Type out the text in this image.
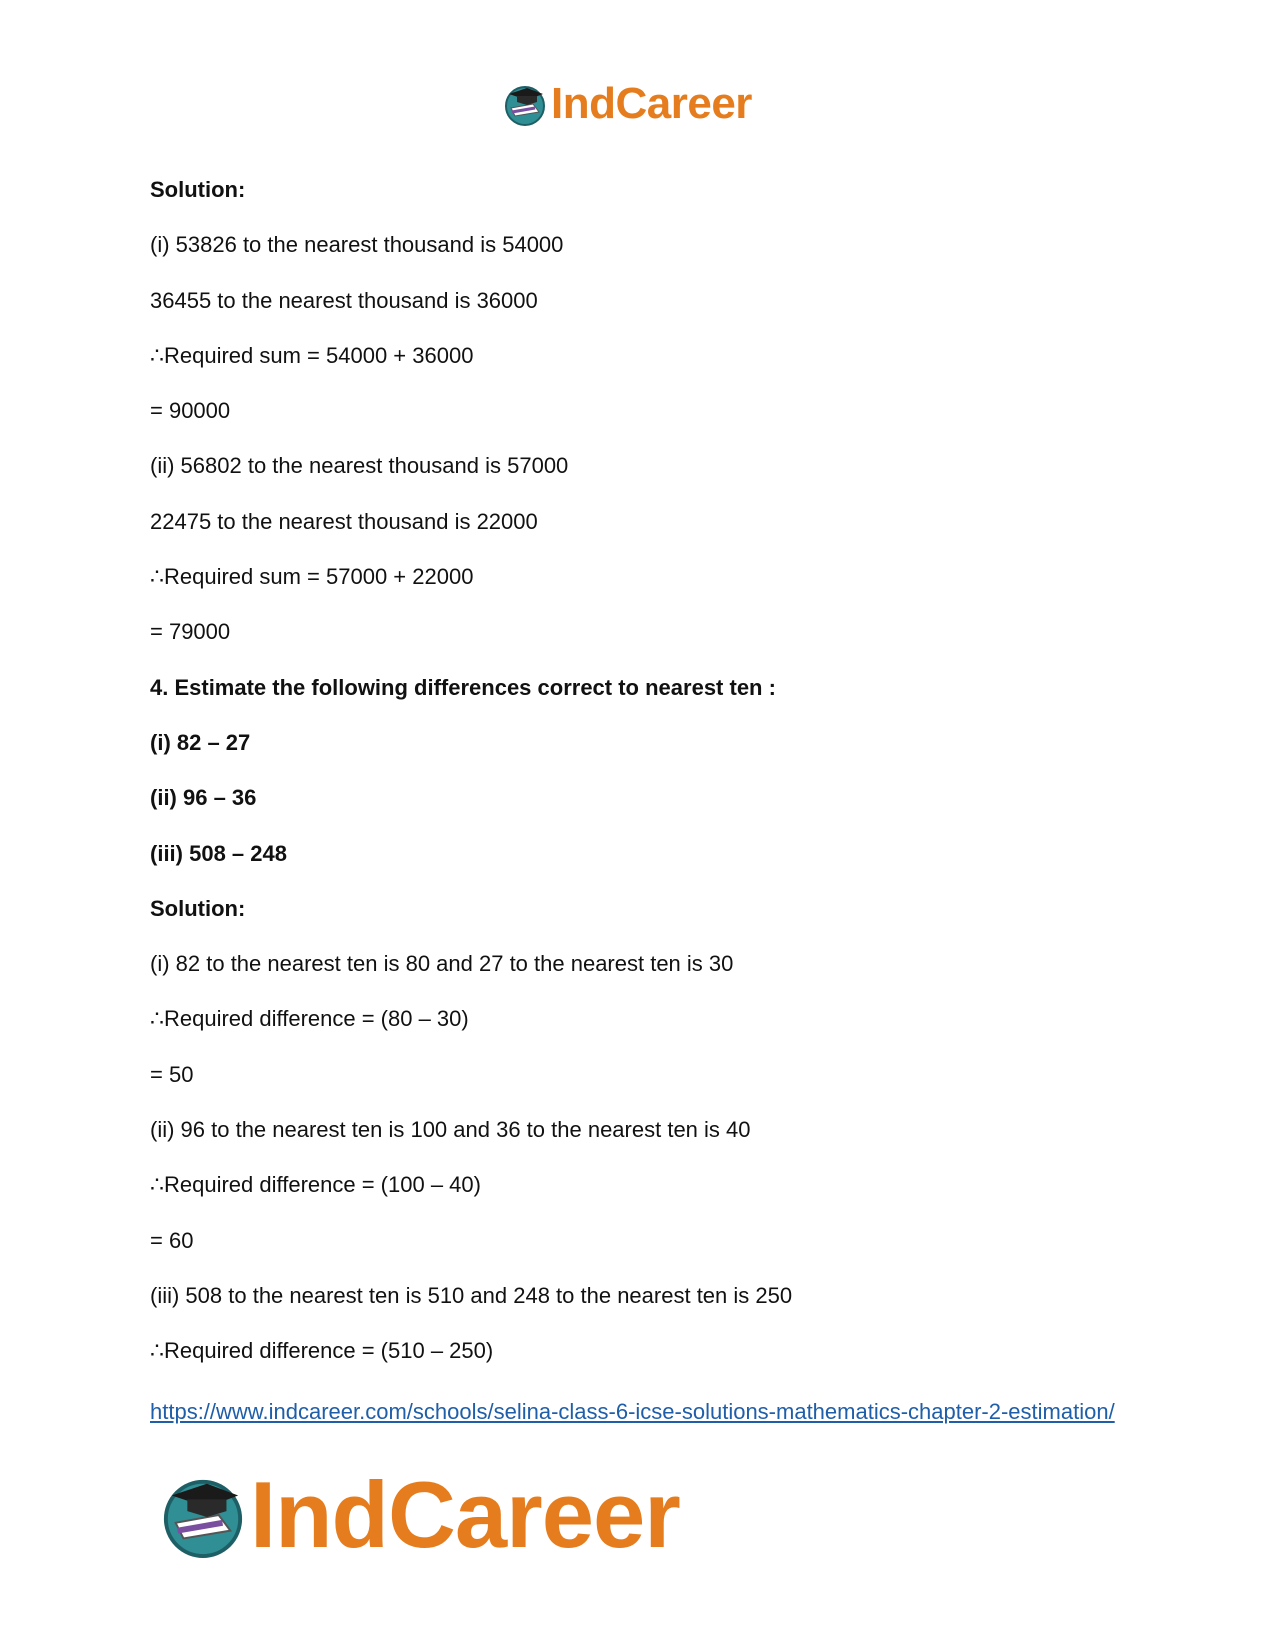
IndCareer
Solution:
(i) 53826 to the nearest thousand is 54000
36455 to the nearest thousand is 36000
∴Required sum = 54000 + 36000
= 90000
(ii) 56802 to the nearest thousand is 57000
22475 to the nearest thousand is 22000
∴Required sum = 57000 + 22000
= 79000
4. Estimate the following differences correct to nearest ten :
(i) 82 – 27
(ii) 96 – 36
(iii) 508 – 248
Solution:
(i) 82 to the nearest ten is 80 and 27 to the nearest ten is 30
∴Required difference = (80 – 30)
= 50
(ii) 96 to the nearest ten is 100 and 36 to the nearest ten is 40
∴Required difference = (100 – 40)
= 60
(iii) 508 to the nearest ten is 510 and 248 to the nearest ten is 250
∴Required difference = (510 – 250)
https://www.indcareer.com/schools/selina-class-6-icse-solutions-mathematics-chapter-2-estimation/
IndCareer
